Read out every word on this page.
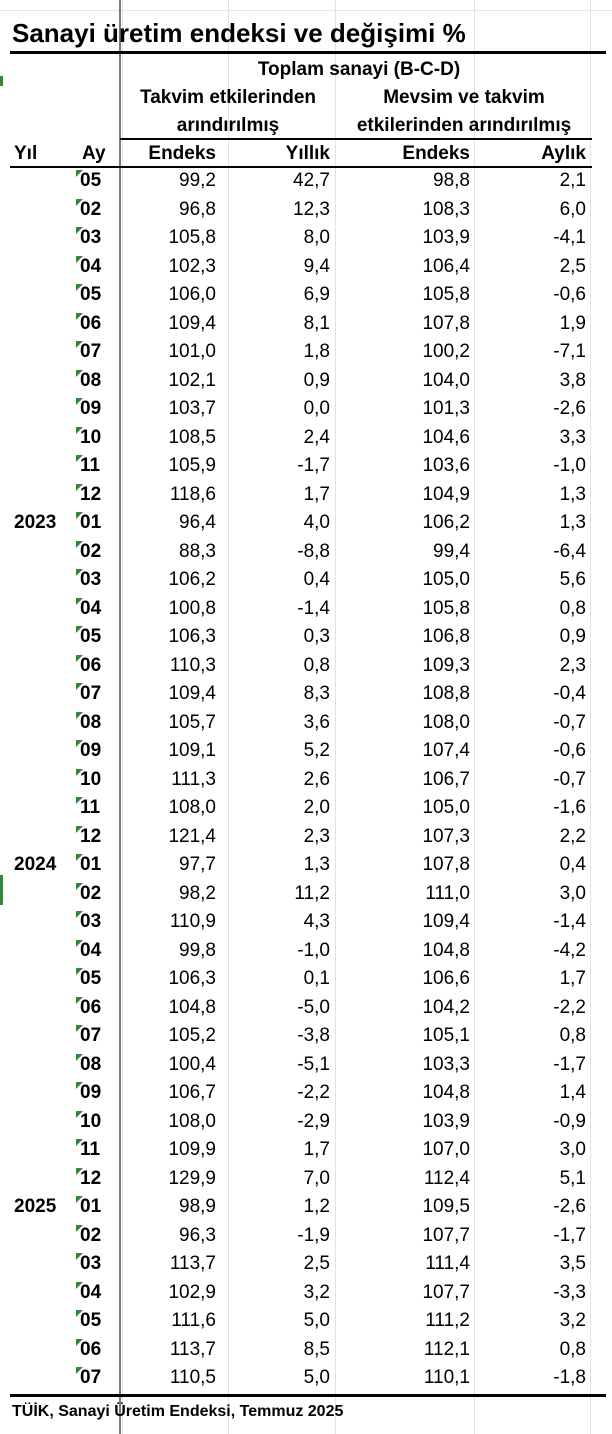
Sanayi üretim endeksi ve değişimi %
Toplam sanayi (B-C-D)
Takvim etkilerinden
arındırılmış
Mevsim ve takvim
etkilerinden arındırılmış
Yıl Ay	Endeks	Yıllık	Endeks	Aylık
05	99,2	42,7	98,8	2,1
02	96,8	12,3	108,3	6,0
03	105,8	8,0	103,9	-4,1
04	102,3	9,4	106,4	2,5
05	106,0	6,9	105,8	-0,6
06	109,4	8,1	107,8	1,9
07	101,0	1,8	100,2	-7,1
08	102,1	0,9	104,0	3,8
09	103,7	0,0	101,3	-2,6
10	108,5	2,4	104,6	3,3
11	105,9	-1,7	103,6	-1,0
12	118,6	1,7	104,9	1,3
2023 01	96,4	4,0	106,2	1,3
02	88,3	-8,8	99,4	-6,4
03	106,2	0,4	105,0	5,6
04	100,8	-1,4	105,8	0,8
05	106,3	0,3	106,8	0,9
06	110,3	0,8	109,3	2,3
07	109,4	8,3	108,8	-0,4
08	105,7	3,6	108,0	-0,7
09	109,1	5,2	107,4	-0,6
10	111,3	2,6	106,7	-0,7
11	108,0	2,0	105,0	-1,6
12	121,4	2,3	107,3	2,2
2024 01	97,7	1,3	107,8	0,4
02	98,2	11,2	111,0	3,0
03	110,9	4,3	109,4	-1,4
04	99,8	-1,0	104,8	-4,2
05	106,3	0,1	106,6	1,7
06	104,8	-5,0	104,2	-2,2
07	105,2	-3,8	105,1	0,8
08	100,4	-5,1	103,3	-1,7
09	106,7	-2,2	104,8	1,4
10	108,0	-2,9	103,9	-0,9
11	109,9	1,7	107,0	3,0
12	129,9	7,0	112,4	5,1
2025 01	98,9	1,2	109,5	-2,6
02	96,3	-1,9	107,7	-1,7
03	113,7	2,5	111,4	3,5
04	102,9	3,2	107,7	-3,3
05	111,6	5,0	111,2	3,2
06	113,7	8,5	112,1	0,8
07	110,5	5,0	110,1	-1,8
TÜİK, Sanayi Üretim Endeksi, Temmuz 2025
